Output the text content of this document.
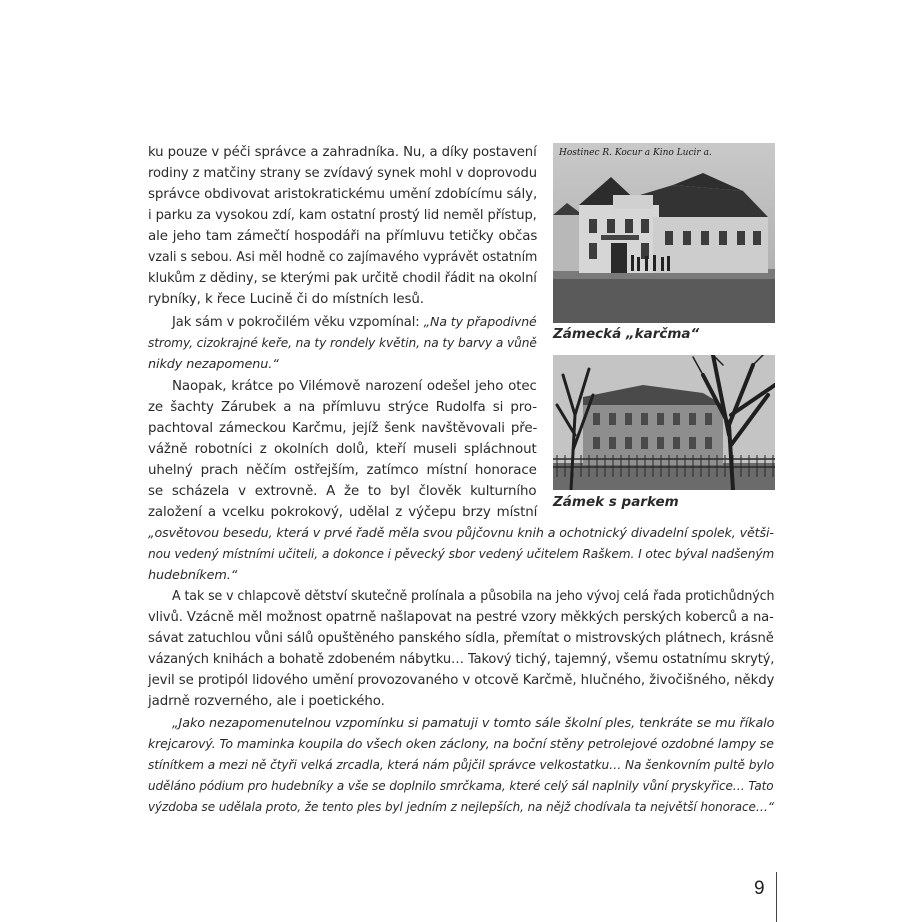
ku pouze v péči správce a zahradníka. Nu, a díky postavení
rodiny z matčiny strany se zvídavý synek mohl v doprovodu
správce obdivovat aristokratickému umění zdobícímu sály,
i parku za vysokou zdí, kam ostatní prostý lid neměl přístup,
ale jeho tam zámečtí hospodáři na přímluvu tetičky občas
vzali s sebou. Asi měl hodně co zajímavého vyprávět ostatním
klukům z dědiny, se kterými pak určitě chodil řádit na okolní
rybníky, k řece Lucině či do místních lesů.
Jak sám v pokročilém věku vzpomínal: „Na ty přapodivné
stromy, cizokrajné keře, na ty rondely květin, na ty barvy a vůně
nikdy nezapomenu.“
Naopak, krátce po Vilémově narození odešel jeho otec
ze šachty Zárubek a na přímluvu strýce Rudolfa si pro-
pachtoval zámeckou Karčmu, jejíž šenk navštěvovali pře-
vážně robotníci z okolních dolů, kteří museli spláchnout
uhelný prach něčím ostřejším, zatímco místní honorace
se scházela v extrovně. A že to byl člověk kulturního
založení a vcelku pokrokový, udělal z výčepu brzy místní
„osvětovou besedu, která v prvé řadě měla svou půjčovnu knih a ochotnický divadelní spolek, větši-
nou vedený místními učiteli, a dokonce i pěvecký sbor vedený učitelem Raškem. I otec býval nadšeným
hudebníkem.“
A tak se v chlapcově dětství skutečně prolínala a působila na jeho vývoj celá řada protichůdných
vlivů. Vzácně měl možnost opatrně našlapovat na pestré vzory měkkých perských koberců a na-
sávat zatuchlou vůni sálů opuštěného panského sídla, přemítat o mistrovských plátnech, krásně
vázaných knihách a bohatě zdobeném nábytku… Takový tichý, tajemný, všemu ostatnímu skrytý,
jevil se protipól lidového umění provozovaného v otcově Karčmě, hlučného, živočišného, někdy
jadrně rozverného, ale i poetického.
„Jako nezapomenutelnou vzpomínku si pamatuji v tomto sále školní ples, tenkráte se mu říkalo
krejcarový. To maminka koupila do všech oken záclony, na boční stěny petrolejové ozdobné lampy se
stínítkem a mezi ně čtyři velká zrcadla, která nám půjčil správce velkostatku… Na šenkovním pultě bylo
uděláno pódium pro hudebníky a vše se doplnilo smrčkama, které celý sál naplnily vůní pryskyřice… Tato
výzdoba se udělala proto, že tento ples byl jedním z nejlepších, na nějž chodívala ta největší honorace…“
Hostinec R. Kocur a Kino Lucir a.
Zámecká „karčma“
Zámek s parkem
9
